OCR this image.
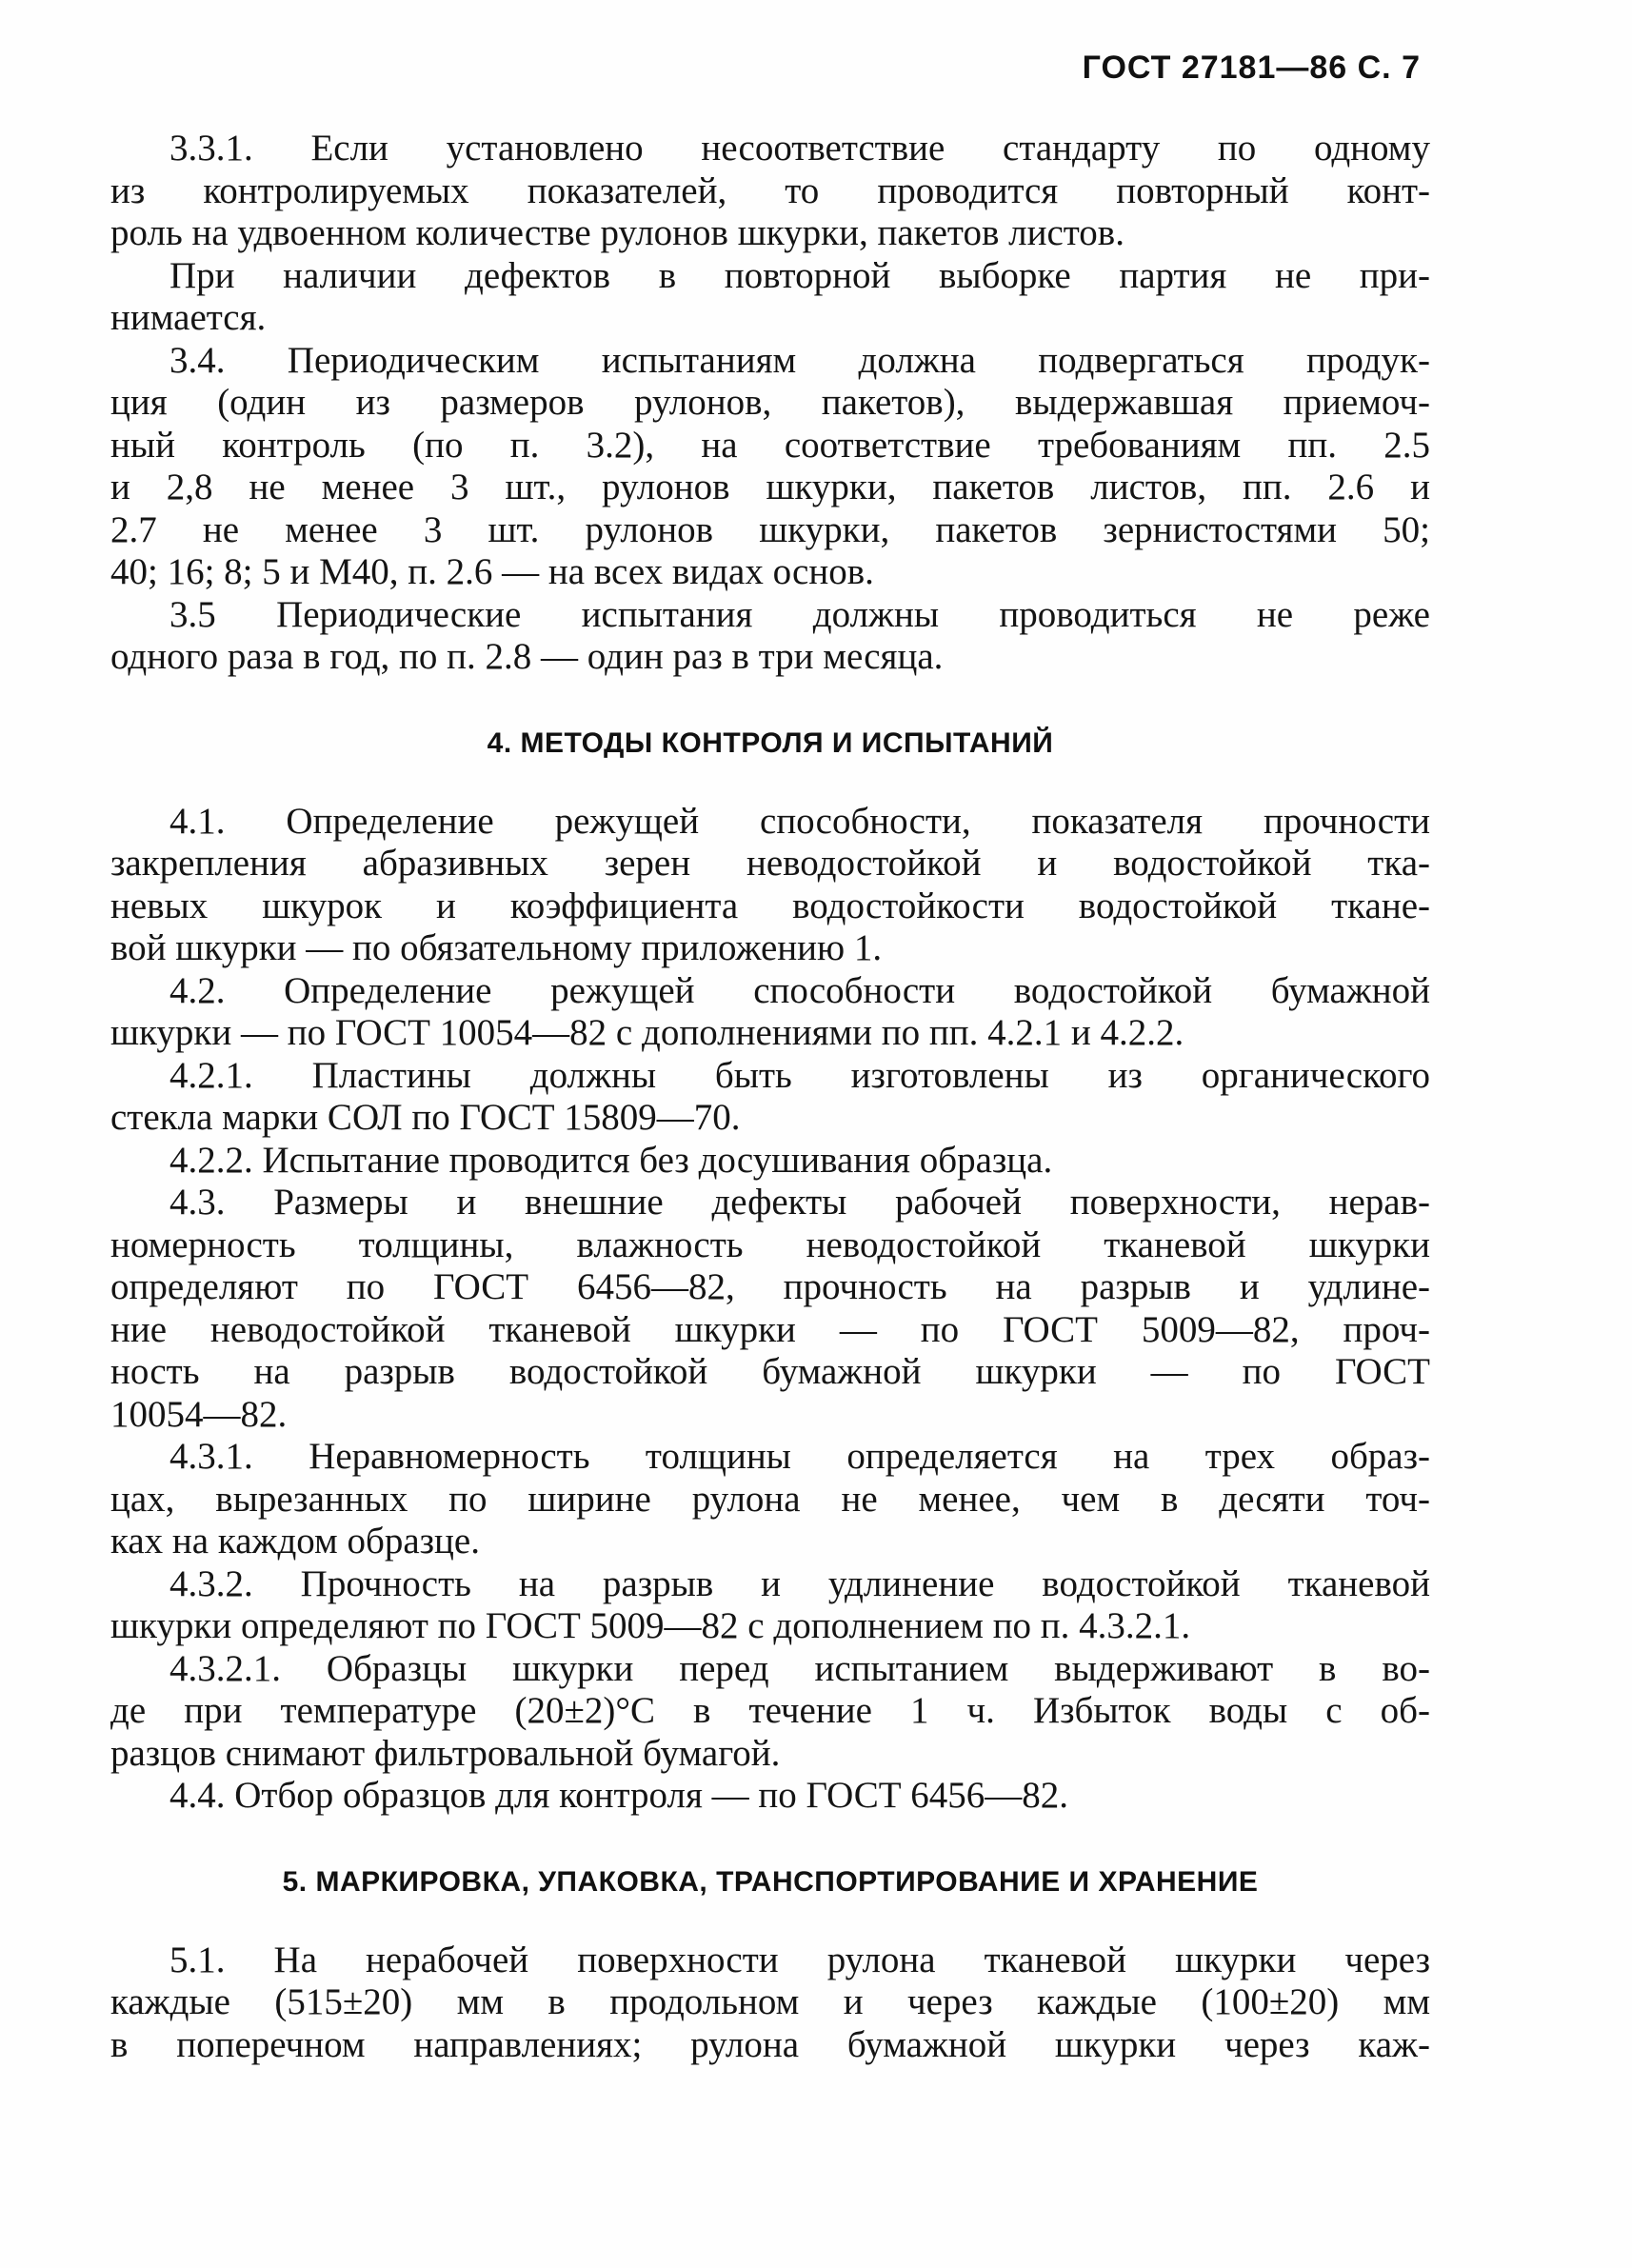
ГОСТ 27181—86 С. 7
3.3.1. Если установлено несоответствие стандарту по одному
из контролируемых показателей, то проводится повторный конт-
роль на удвоенном количестве рулонов шкурки, пакетов листов.
При наличии дефектов в повторной выборке партия не при-
нимается.
3.4. Периодическим испытаниям должна подвергаться продук-
ция (один из размеров рулонов, пакетов), выдержавшая приемоч-
ный контроль (по п. 3.2), на соответствие требованиям пп. 2.5
и 2,8 не менее 3 шт., рулонов шкурки, пакетов листов, пп. 2.6 и
2.7 не менее 3 шт. рулонов шкурки, пакетов зернистостями 50;
40; 16; 8; 5 и М40, п. 2.6 — на всех видах основ.
3.5 Периодические испытания должны проводиться не реже
одного раза в год, по п. 2.8 — один раз в три месяца.
4. МЕТОДЫ КОНТРОЛЯ И ИСПЫТАНИЙ
4.1. Определение режущей способности, показателя прочности
закрепления абразивных зерен неводостойкой и водостойкой тка-
невых шкурок и коэффициента водостойкости водостойкой ткане-
вой шкурки — по обязательному приложению 1.
4.2. Определение режущей способности водостойкой бумажной
шкурки — по ГОСТ 10054—82 с дополнениями по пп. 4.2.1 и 4.2.2.
4.2.1. Пластины должны быть изготовлены из органического
стекла марки СОЛ по ГОСТ 15809—70.
4.2.2. Испытание проводится без досушивания образца.
4.3. Размеры и внешние дефекты рабочей поверхности, нерав-
номерность толщины, влажность неводостойкой тканевой шкурки
определяют по ГОСТ 6456—82, прочность на разрыв и удлине-
ние неводостойкой тканевой шкурки — по ГОСТ 5009—82, проч-
ность на разрыв водостойкой бумажной шкурки — по ГОСТ
10054—82.
4.3.1. Неравномерность толщины определяется на трех образ-
цах, вырезанных по ширине рулона не менее, чем в десяти точ-
ках на каждом образце.
4.3.2. Прочность на разрыв и удлинение водостойкой тканевой
шкурки определяют по ГОСТ 5009—82 с дополнением по п. 4.3.2.1.
4.3.2.1. Образцы шкурки перед испытанием выдерживают в во-
де при температуре (20±2)°С в течение 1 ч. Избыток воды с об-
разцов снимают фильтровальной бумагой.
4.4. Отбор образцов для контроля — по ГОСТ 6456—82.
5. МАРКИРОВКА, УПАКОВКА, ТРАНСПОРТИРОВАНИЕ И ХРАНЕНИЕ
5.1. На нерабочей поверхности рулона тканевой шкурки через
каждые (515±20) мм в продольном и через каждые (100±20) мм
в поперечном направлениях; рулона бумажной шкурки через каж-
